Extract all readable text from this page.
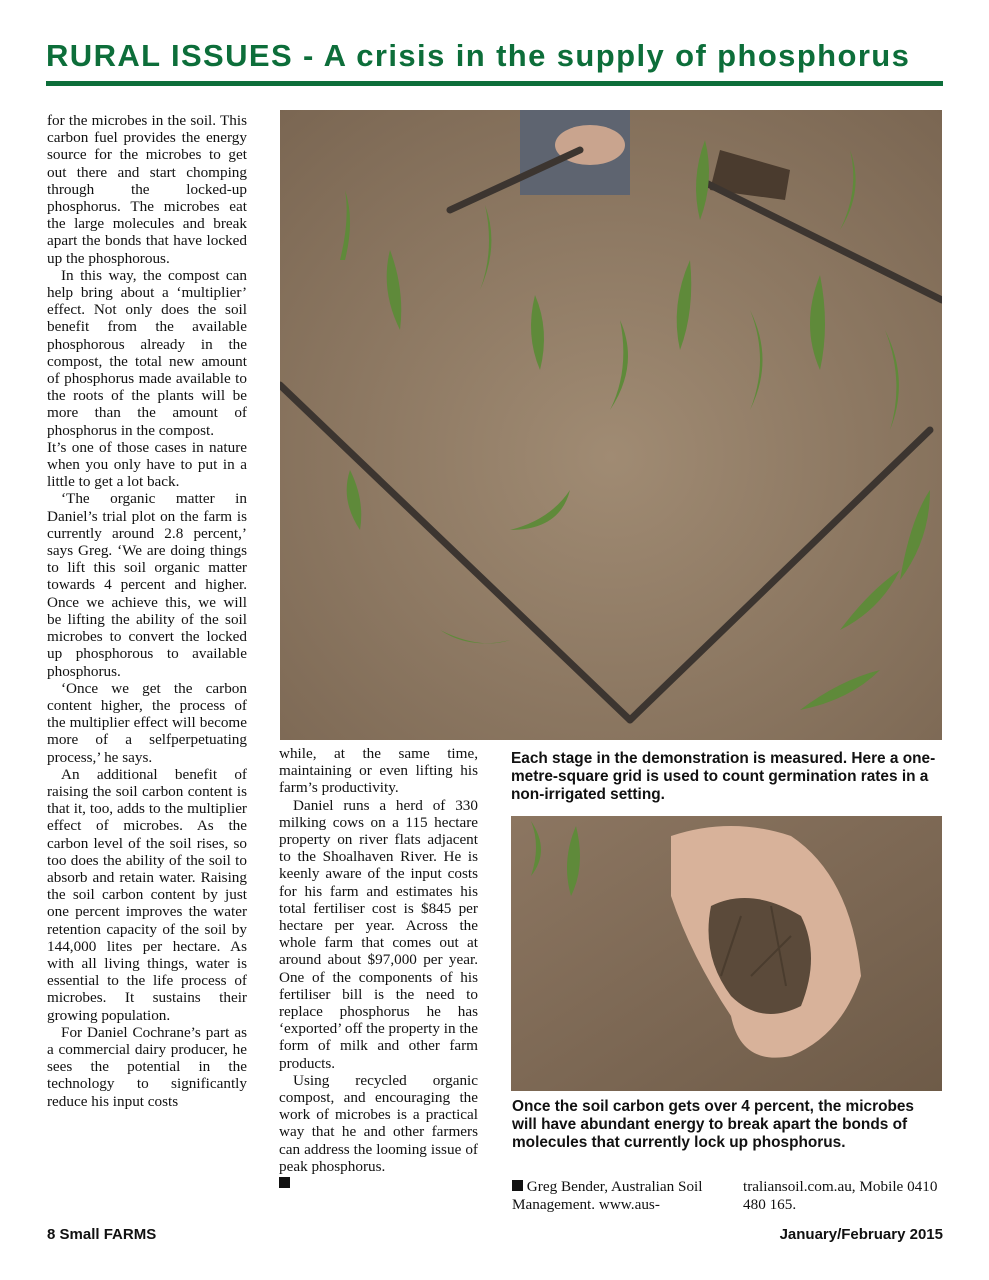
RURAL ISSUES - A crisis in the supply of phosphorus

for the microbes in the soil. This carbon fuel provides the energy source for the microbes to get out there and start chomping through the locked-up phosphorus. The microbes eat the large molecules and break apart the bonds that have locked up the phosphorous.

In this way, the compost can help bring about a ‘multiplier’ effect. Not only does the soil benefit from the available phosphorous already in the compost, the total new amount of phosphorus made available to the roots of the plants will be more than the amount of phosphorus in the compost.

It’s one of those cases in nature when you only have to put in a little to get a lot back.

‘The organic matter in Daniel’s trial plot on the farm is currently around 2.8 percent,’ says Greg. ‘We are doing things to lift this soil organic matter towards 4 percent and higher. Once we achieve this, we will be lifting the ability of the soil microbes to convert the locked up phosphorous to available phosphorus.

‘Once we get the carbon content higher, the process of the multiplier effect will become more of a selfperpetuating process,’ he says.

An additional benefit of raising the soil carbon content is that it, too, adds to the multiplier effect of microbes. As the carbon level of the soil rises, so too does the ability of the soil to absorb and retain water. Raising the soil carbon content by just one percent improves the water retention capacity of the soil by 144,000 lites per hectare. As with all living things, water is essential to the life process of microbes. It sustains their growing population.

For Daniel Cochrane’s part as a commercial dairy producer, he sees the potential in the technology to significantly reduce his input costs

Each stage in the demonstration is measured. Here a one-metre-square grid is used to count germination rates in a non-irrigated setting.

while, at the same time, maintaining or even lifting his farm’s productivity.

Daniel runs a herd of 330 milking cows on a 115 hectare property on river flats adjacent to the Shoalhaven River. He is keenly aware of the input costs for his farm and estimates his total fertiliser cost is $845 per hectare per year. Across the whole farm that comes out at around about $97,000 per year. One of the components of his fertiliser bill is the need to replace phosphorus he has ‘exported’ off the property in the form of milk and other farm products.

Using recycled organic compost, and encouraging the work of microbes is a practical way that he and other farmers can address the looming issue of peak phosphorus.

Once the soil carbon gets over 4 percent, the microbes will have abundant energy to break apart the bonds of molecules that currently lock up phosphorus.
Greg Bender, Australian Soil Management. www.aus-
traliansoil.com.au, Mobile 0410 480 165.
8 Small FARMS	January/February 2015
